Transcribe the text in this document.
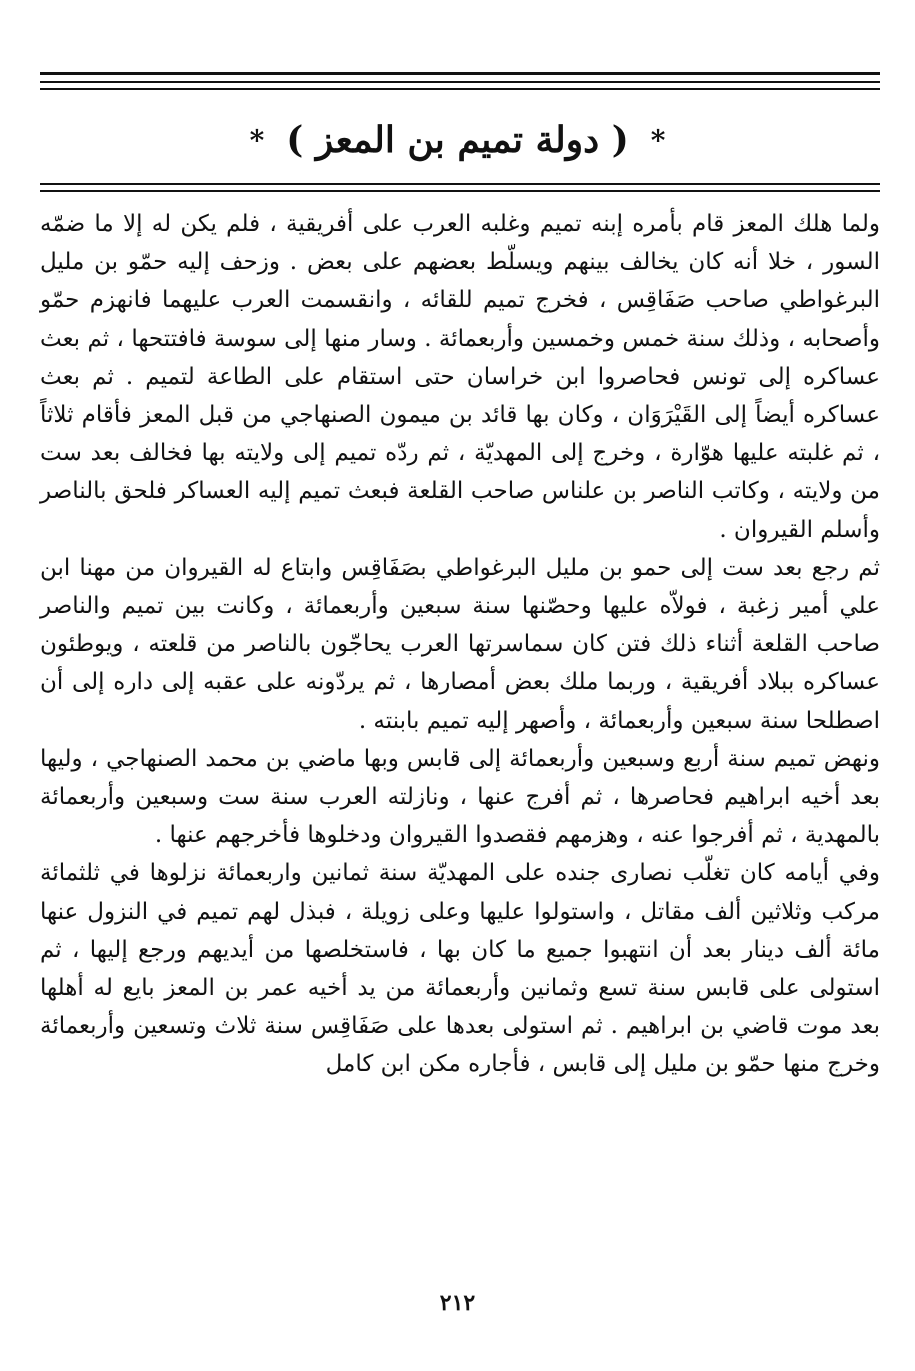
*
( دولة تميم بن المعز )
*

ولما هلك المعز قام بأمره إبنه تميم وغلبه العرب على أفريقية ، فلم يكن له إلا ما ضمّه السور ، خلا أنه كان يخالف بينهم ويسلّط بعضهم على بعض . وزحف إليه حمّو بن مليل البرغواطي صاحب صَفَاقِس ، فخرج تميم للقائه ، وانقسمت العرب عليهما فانهزم حمّو وأصحابه ، وذلك سنة خمس وخمسين وأربعمائة . وسار منها إلى سوسة فافتتحها ، ثم بعث عساكره إلى تونس فحاصروا ابن خراسان حتى استقام على الطاعة لتميم . ثم بعث عساكره أيضاً إلى القَيْرَوَان ، وكان بها قائد بن ميمون الصنهاجي من قبل المعز فأقام ثلاثاً ، ثم غلبته عليها هوّارة ، وخرج إلى المهديّة ، ثم ردّه تميم إلى ولايته بها فخالف بعد ست من ولايته ، وكاتب الناصر بن علناس صاحب القلعة فبعث تميم إليه العساكر فلحق بالناصر وأسلم القيروان .

ثم رجع بعد ست إلى حمو بن مليل البرغواطي بصَفَاقِس وابتاع له القيروان من مهنا ابن علي أمير زغبة ، فولاّه عليها وحصّنها سنة سبعين وأربعمائة ، وكانت بين تميم والناصر صاحب القلعة أثناء ذلك فتن كان سماسرتها العرب يحاجّون بالناصر من قلعته ، ويوطئون عساكره ببلاد أفريقية ، وربما ملك بعض أمصارها ، ثم يردّونه على عقبه إلى داره إلى أن اصطلحا سنة سبعين وأربعمائة ، وأصهر إليه تميم بابنته .

ونهض تميم سنة أربع وسبعين وأربعمائة إلى قابس وبها ماضي بن محمد الصنهاجي ، وليها بعد أخيه ابراهيم فحاصرها ، ثم أفرج عنها ، ونازلته العرب سنة ست وسبعين وأربعمائة بالمهدية ، ثم أفرجوا عنه ، وهزمهم فقصدوا القيروان ودخلوها فأخرجهم عنها .

وفي أيامه كان تغلّب نصارى جنده على المهديّة سنة ثمانين واربعمائة نزلوها في ثلثمائة مركب وثلاثين ألف مقاتل ، واستولوا عليها وعلى زويلة ، فبذل لهم تميم في النزول عنها مائة ألف دينار بعد أن انتهبوا جميع ما كان بها ، فاستخلصها من أيديهم ورجع إليها ، ثم استولى على قابس سنة تسع وثمانين وأربعمائة من يد أخيه عمر بن المعز بايع له أهلها بعد موت قاضي بن ابراهيم . ثم استولى بعدها على صَفَاقِس سنة ثلاث وتسعين وأربعمائة وخرج منها حمّو بن مليل إلى قابس ، فأجاره مكن ابن كامل

٢١٢
